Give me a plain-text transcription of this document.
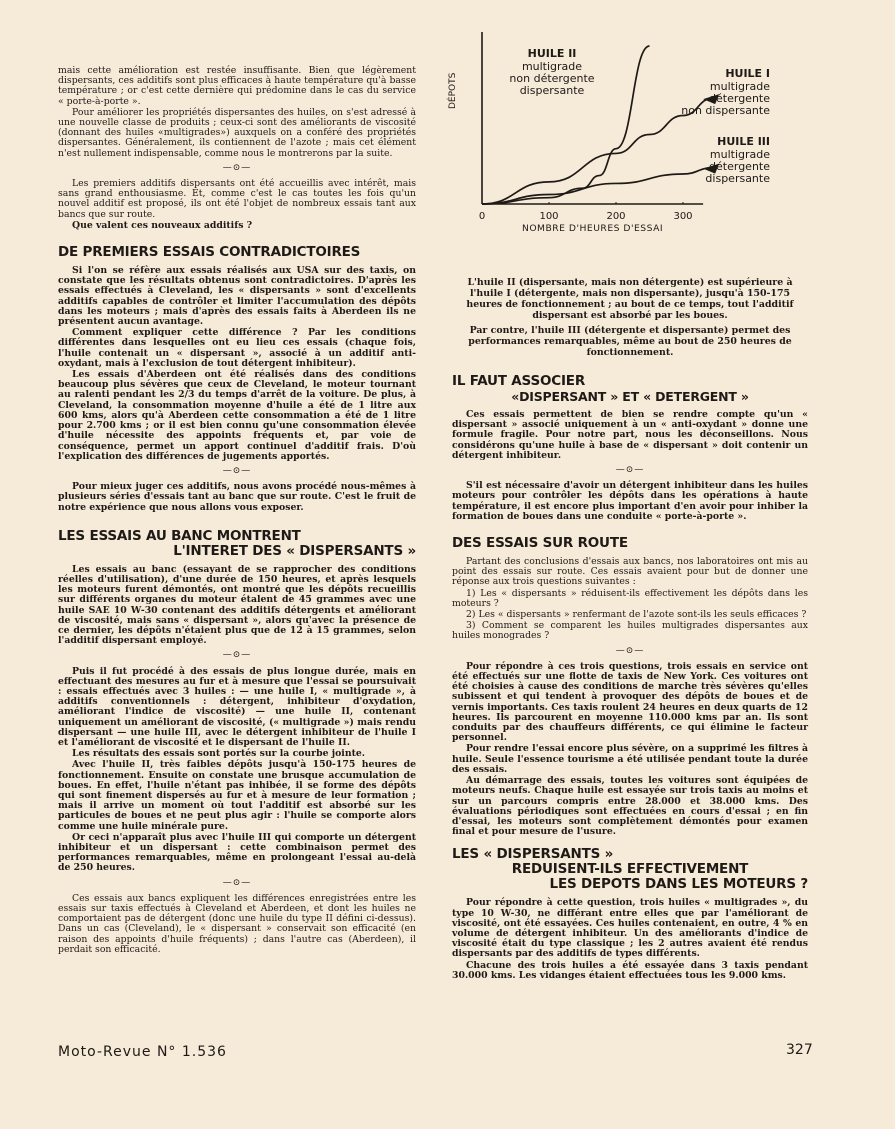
mais cette amélioration est restée insuffisante. Bien que légèrement dispersants, ces additifs sont plus efficaces à haute température qu'à basse température ; or c'est cette dernière qui prédomine dans le cas du service « porte-à-porte ».

Pour améliorer les propriétés dispersantes des huiles, on s'est adressé à une nouvelle classe de produits ; ceux-ci sont des améliorants de viscosité (donnant des huiles «multigrades») auxquels on a conféré des propriétés dispersantes. Généralement, ils contiennent de l'azote ; mais cet élément n'est nullement indispensable, comme nous le montrerons par la suite.

—⊙—

Les premiers additifs dispersants ont été accueillis avec intérêt, mais sans grand enthousiasme. Et, comme c'est le cas toutes les fois qu'un nouvel additif est proposé, ils ont été l'objet de nombreux essais tant aux bancs que sur route.

Que valent ces nouveaux additifs ?

DE PREMIERS ESSAIS CONTRADICTOIRES

Si l'on se réfère aux essais réalisés aux USA sur des taxis, on constate que les résultats obtenus sont contradictoires. D'après les essais effectués à Cleveland, les « dispersants » sont d'excellents additifs capables de contrôler et limiter l'accumulation des dépôts dans les moteurs ; mais d'après des essais faits à Aberdeen ils ne présentent aucun avantage.

Comment expliquer cette différence ? Par les conditions différentes dans lesquelles ont eu lieu ces essais (chaque fois, l'huile contenait un « dispersant », associé à un additif anti-oxydant, mais à l'exclusion de tout détergent inhibiteur).

Les essais d'Aberdeen ont été réalisés dans des conditions beaucoup plus sévères que ceux de Cleveland, le moteur tournant au ralenti pendant les 2/3 du temps d'arrêt de la voiture. De plus, à Cleveland, la consommation moyenne d'huile a été de 1 litre aux 600 kms, alors qu'à Aberdeen cette consommation a été de 1 litre pour 2.700 kms ; or il est bien connu qu'une consommation élevée d'huile nécessite des appoints fréquents et, par voie de conséquence, permet un apport continuel d'additif frais. D'où l'explication des différences de jugements apportés.

—⊙—

Pour mieux juger ces additifs, nous avons procédé nous-mêmes à plusieurs séries d'essais tant au banc que sur route. C'est le fruit de notre expérience que nous allons vous exposer.

LES ESSAIS AU BANC MONTRENT
L'INTERET DES « DISPERSANTS »

Les essais au banc (essayant de se rapprocher des conditions réelles d'utilisation), d'une durée de 150 heures, et après lesquels les moteurs furent démontés, ont montré que les dépôts recueillis sur différents organes du moteur étalent de 45 grammes avec une huile SAE 10 W-30 contenant des additifs détergents et améliorant de viscosité, mais sans « dispersant », alors qu'avec la présence de ce dernier, les dépôts n'étaient plus que de 12 à 15 grammes, selon l'additif dispersant employé.

—⊙—

Puis il fut procédé à des essais de plus longue durée, mais en effectuant des mesures au fur et à mesure que l'essai se poursuivait : essais effectués avec 3 huiles : — une huile I, « multigrade », à additifs conventionnels : détergent, inhibiteur d'oxydation, améliorant l'indice de viscosité) — une huile II, contenant uniquement un améliorant de viscosité, (« multigrade ») mais rendu dispersant — une huile III, avec le détergent inhibiteur de l'huile I et l'améliorant de viscosité et le dispersant de l'huile II.

Les résultats des essais sont portés sur la courbe jointe.

Avec l'huile II, très faibles dépôts jusqu'à 150-175 heures de fonctionnement. Ensuite on constate une brusque accumulation de boues. En effet, l'huile n'étant pas inhibée, il se forme des dépôts qui sont finement dispersés au fur et à mesure de leur formation ; mais il arrive un moment où tout l'additif est absorbé sur les particules de boues et ne peut plus agir : l'huile se comporte alors comme une huile minérale pure.

Or ceci n'apparaît plus avec l'huile III qui comporte un détergent inhibiteur et un dispersant : cette combinaison permet des performances remarquables, même en prolongeant l'essai au-delà de 250 heures.

—⊙—

Ces essais aux bancs expliquent les différences enregistrées entre les essais sur taxis effectués à Cleveland et Aberdeen, et dont les huiles ne comportaient pas de détergent (donc une huile du type II défini ci-dessus). Dans un cas (Cleveland), le « dispersant » conservait son efficacité (en raison des appoints d'huile fréquents) ; dans l'autre cas (Aberdeen), il perdait son efficacité.

DÉPOTS
NOMBRE D'HEURES D'ESSAI
0	100	200	300
HUILE II
multigrade
non détergente
dispersante
HUILE I
multigrade
détergente
non dispersante
HUILE III
multigrade
détergente
dispersante
L'huile II (dispersante, mais non détergente) est supérieure à l'huile I (détergente, mais non dispersante), jusqu'à 150-175 heures de fonctionnement ; au bout de ce temps, tout l'additif dispersant est absorbé par les boues.
Par contre, l'huile III (détergente et dispersante) permet des performances remarquables, même au bout de 250 heures de fonctionnement.
IL FAUT ASSOCIER
«DISPERSANT » ET « DETERGENT »

Ces essais permettent de bien se rendre compte qu'un « dispersant » associé uniquement à un « anti-oxydant » donne une formule fragile. Pour notre part, nous les déconseillons. Nous considérons qu'une huile à base de « dispersant » doit contenir un détergent inhibiteur.

—⊙—

S'il est nécessaire d'avoir un détergent inhibiteur dans les huiles moteurs pour contrôler les dépôts dans les opérations à haute température, il est encore plus important d'en avoir pour inhiber la formation de boues dans une conduite « porte-à-porte ».

DES ESSAIS SUR ROUTE

Partant des conclusions d'essais aux bancs, nos laboratoires ont mis au point des essais sur route. Ces essais avaient pour but de donner une réponse aux trois questions suivantes :

1) Les « dispersants » réduisent-ils effectivement les dépôts dans les moteurs ?

2) Les « dispersants » renfermant de l'azote sont-ils les seuls efficaces ?

3) Comment se comparent les huiles multigrades dispersantes aux huiles monogrades ?

—⊙—

Pour répondre à ces trois questions, trois essais en service ont été effectués sur une flotte de taxis de New York. Ces voitures ont été choisies à cause des conditions de marche très sévères qu'elles subissent et qui tendent à provoquer des dépôts de boues et de vernis importants. Ces taxis roulent 24 heures en deux quarts de 12 heures. Ils parcourent en moyenne 110.000 kms par an. Ils sont conduits par des chauffeurs différents, ce qui élimine le facteur personnel.

Pour rendre l'essai encore plus sévère, on a supprimé les filtres à huile. Seule l'essence tourisme a été utilisée pendant toute la durée des essais.

Au démarrage des essais, toutes les voitures sont équipées de moteurs neufs. Chaque huile est essayée sur trois taxis au moins et sur un parcours compris entre 28.000 et 38.000 kms. Des évaluations périodiques sont effectuées en cours d'essai ; en fin d'essai, les moteurs sont complètement démontés pour examen final et pour mesure de l'usure.

LES « DISPERSANTS »
REDUISENT-ILS EFFECTIVEMENT
LES DEPOTS DANS LES MOTEURS ?

Pour répondre à cette question, trois huiles « multigrades », du type 10 W-30, ne différant entre elles que par l'améliorant de viscosité, ont été essayées. Ces huiles contenaient, en outre, 4 % en volume de détergent inhibiteur. Un des améliorants d'indice de viscosité était du type classique ; les 2 autres avaient été rendus dispersants par des additifs de types différents.

Chacune des trois huiles a été essayée dans 3 taxis pendant 30.000 kms. Les vidanges étaient effectuées tous les 9.000 kms.

Moto-Revue N° 1.536	327
